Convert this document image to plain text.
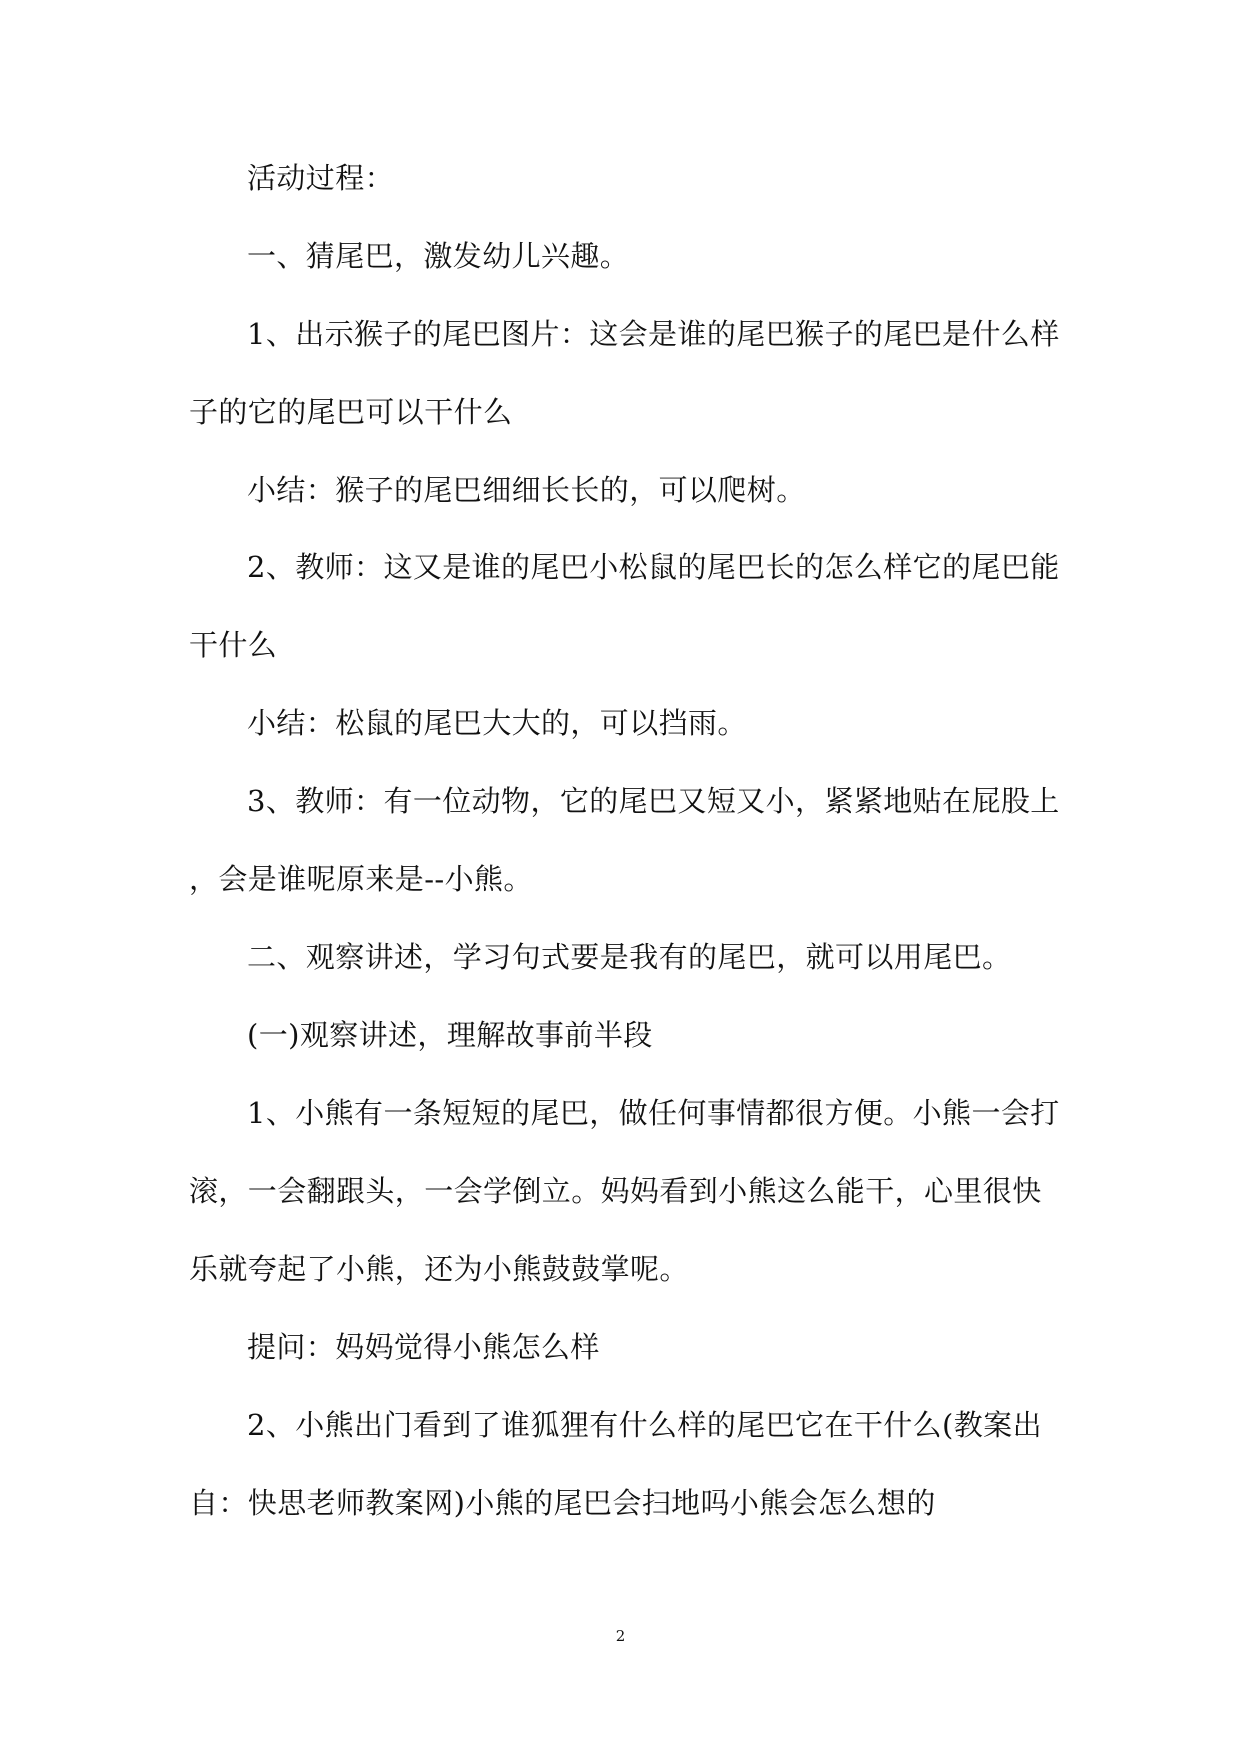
活动过程：
一、猜尾巴，激发幼儿兴趣。
1、出示猴子的尾巴图片：这会是谁的尾巴猴子的尾巴是什么样
子的它的尾巴可以干什么
小结：猴子的尾巴细细长长的，可以爬树。
2、教师：这又是谁的尾巴小松鼠的尾巴长的怎么样它的尾巴能
干什么
小结：松鼠的尾巴大大的，可以挡雨。
3、教师：有一位动物，它的尾巴又短又小，紧紧地贴在屁股上
，会是谁呢原来是--小熊。
二、观察讲述，学习句式要是我有的尾巴，就可以用尾巴。
(一)观察讲述，理解故事前半段
1、小熊有一条短短的尾巴，做任何事情都很方便。小熊一会打
滚，一会翻跟头，一会学倒立。妈妈看到小熊这么能干，心里很快
乐就夸起了小熊，还为小熊鼓鼓掌呢。
提问：妈妈觉得小熊怎么样
2、小熊出门看到了谁狐狸有什么样的尾巴它在干什么(教案出
自：快思老师教案网)小熊的尾巴会扫地吗小熊会怎么想的
2
